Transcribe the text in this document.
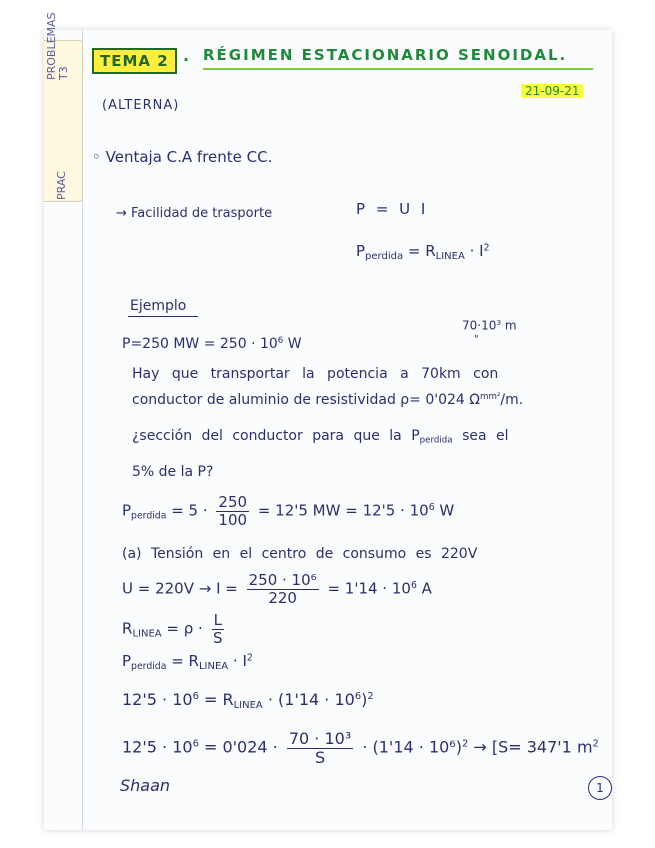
PROBLEMAS
T3
PRAC
TEMA 2 . RÉGIMEN ESTACIONARIO SENOIDAL.
21-09-21
(ALTERNA)
◦ Ventaja C.A frente CC.
→ Facilidad de trasporte	P = U I
$P_{perdida} = R_{LINEA} \cdot I^2$
Ejemplo
$70\cdot 10^3$ m
"
P=250 MW = $250 \cdot 10^6$ W
Hay que transportar la potencia a 70km con
conductor de aluminio de resistividad ρ= 0'024 $\Omega^{mm^2}/m$.
¿sección del conductor para que la $P_{perdida}$ sea el
5% de la P?
$P_{perdida} = 5 \cdot \frac{250}{100} = 12'5$ MW = $12'5 \cdot 10^6$ W
(a) Tensión en el centro de consumo es 220V
$U = 220V \to I = \frac{\text{250 · 10⁶}}{220} = 1'14 \cdot 10^6$ A
$R_{LINEA} = \rho \cdot \frac{L}{S}$
$P_{perdida} = R_{LINEA} \cdot I^2$
$12'5 \cdot 10^6 = R_{LINEA} \cdot (1'14 \cdot 10^6)^2$
$12'5 \cdot 10^6 = 0'024 \cdot \frac{\text{70 · 10³}}{S} \cdot (1'14 \cdot 10^6)^2 \to [S= 347'1$ $m^2$
Shaan	1
